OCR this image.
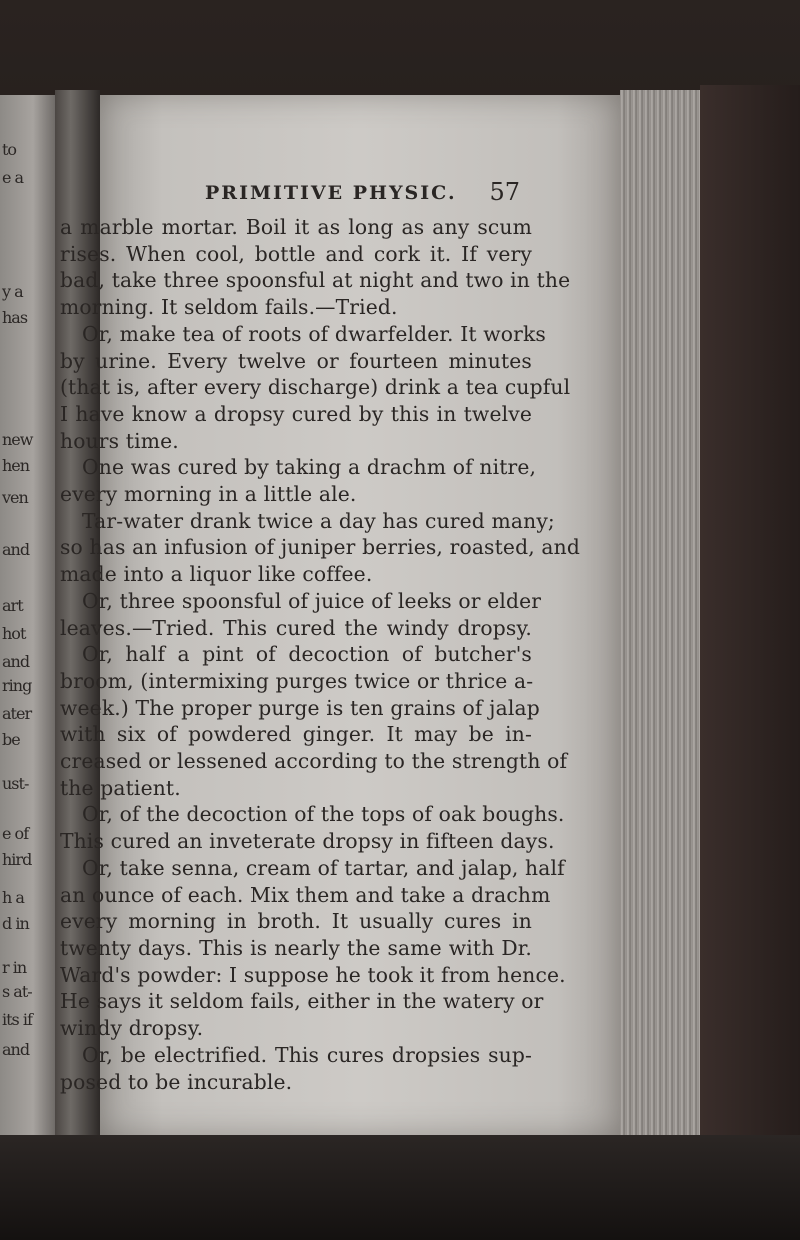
to
e a
y a
has
new
hen
ven
and
art
hot
and
ring
ater
be
ust-
e of
hird
h a
d in
r in
s at-
its if
and
PRIMITIVE PHYSIC. 57
a marble mortar. Boil it as long as any scum
rises. When cool, bottle and cork it. If very
bad, take three spoonsful at night and two in the
morning. It seldom fails.—Tried.
Or, make tea of roots of dwarfelder. It works
by urine. Every twelve or fourteen minutes
(that is, after every discharge) drink a tea cupful
I have know a dropsy cured by this in twelve
hours time.
One was cured by taking a drachm of nitre,
every morning in a little ale.
Tar-water drank twice a day has cured many;
so has an infusion of juniper berries, roasted, and
made into a liquor like coffee.
Or, three spoonsful of juice of leeks or elder
leaves.—Tried. This cured the windy dropsy.
Or, half a pint of decoction of butcher's
broom, (intermixing purges twice or thrice a-
week.) The proper purge is ten grains of jalap
with six of powdered ginger. It may be in-
creased or lessened according to the strength of
the patient.
Or, of the decoction of the tops of oak boughs.
This cured an inveterate dropsy in fifteen days.
Or, take senna, cream of tartar, and jalap, half
an ounce of each. Mix them and take a drachm
every morning in broth. It usually cures in
twenty days. This is nearly the same with Dr.
Ward's powder: I suppose he took it from hence.
He says it seldom fails, either in the watery or
windy dropsy.
Or, be electrified. This cures dropsies sup-
posed to be incurable.
